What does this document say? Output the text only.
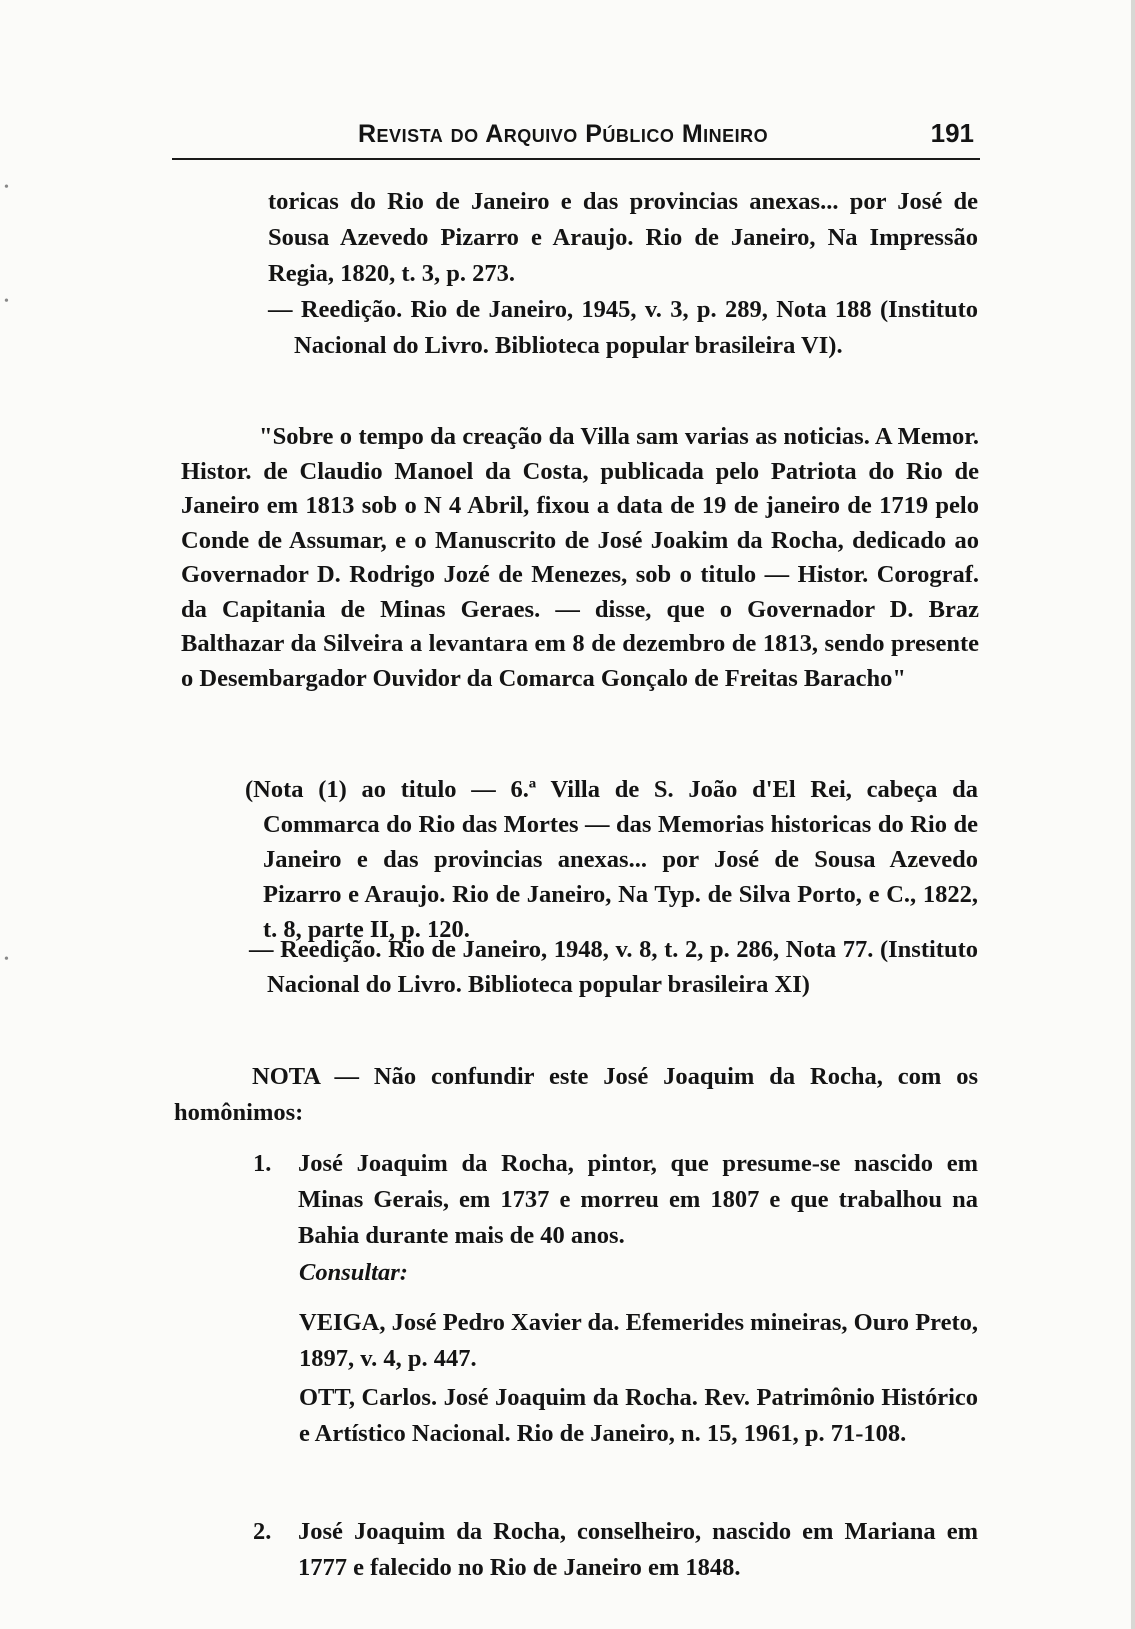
Revista do Arquivo Público Mineiro	191

toricas do Rio de Janeiro e das provincias anexas... por José de Sousa Azevedo Pizarro e Araujo. Rio de Janeiro, Na Impressão Regia, 1820, t. 3, p. 273.

— Reedição. Rio de Janeiro, 1945, v. 3, p. 289, Nota 188 (Instituto Nacional do Livro. Biblioteca popular brasileira VI).

"Sobre o tempo da creação da Villa sam varias as noticias. A Memor. Histor. de Claudio Manoel da Costa, publicada pelo Patriota do Rio de Janeiro em 1813 sob o N 4 Abril, fixou a data de 19 de janeiro de 1719 pelo Conde de Assumar, e o Manuscrito de José Joakim da Rocha, dedicado ao Governador D. Rodrigo Jozé de Menezes, sob o titulo — Histor. Corograf. da Capitania de Minas Geraes. — disse, que o Governador D. Braz Balthazar da Silveira a levantara em 8 de dezembro de 1813, sendo presente o Desembargador Ouvidor da Comarca Gonçalo de Freitas Baracho"

(Nota (1) ao titulo — 6.ª Villa de S. João d'El Rei, cabeça da Commarca do Rio das Mortes — das Memorias historicas do Rio de Janeiro e das provincias anexas... por José de Sousa Azevedo Pizarro e Araujo. Rio de Janeiro, Na Typ. de Silva Porto, e C., 1822, t. 8, parte II, p. 120.

— Reedição. Rio de Janeiro, 1948, v. 8, t. 2, p. 286, Nota 77. (Instituto Nacional do Livro. Biblioteca popular brasileira XI)

NOTA — Não confundir este José Joaquim da Rocha, com os homônimos:

1. José Joaquim da Rocha, pintor, que presume-se nascido em Minas Gerais, em 1737 e morreu em 1807 e que trabalhou na Bahia durante mais de 40 anos.
Consultar:
VEIGA, José Pedro Xavier da. Efemerides mineiras, Ouro Preto, 1897, v. 4, p. 447.
OTT, Carlos. José Joaquim da Rocha. Rev. Patrimônio Histórico e Artístico Nacional. Rio de Janeiro, n. 15, 1961, p. 71-108.
2. José Joaquim da Rocha, conselheiro, nascido em Mariana em 1777 e falecido no Rio de Janeiro em 1848.
•
•
•
